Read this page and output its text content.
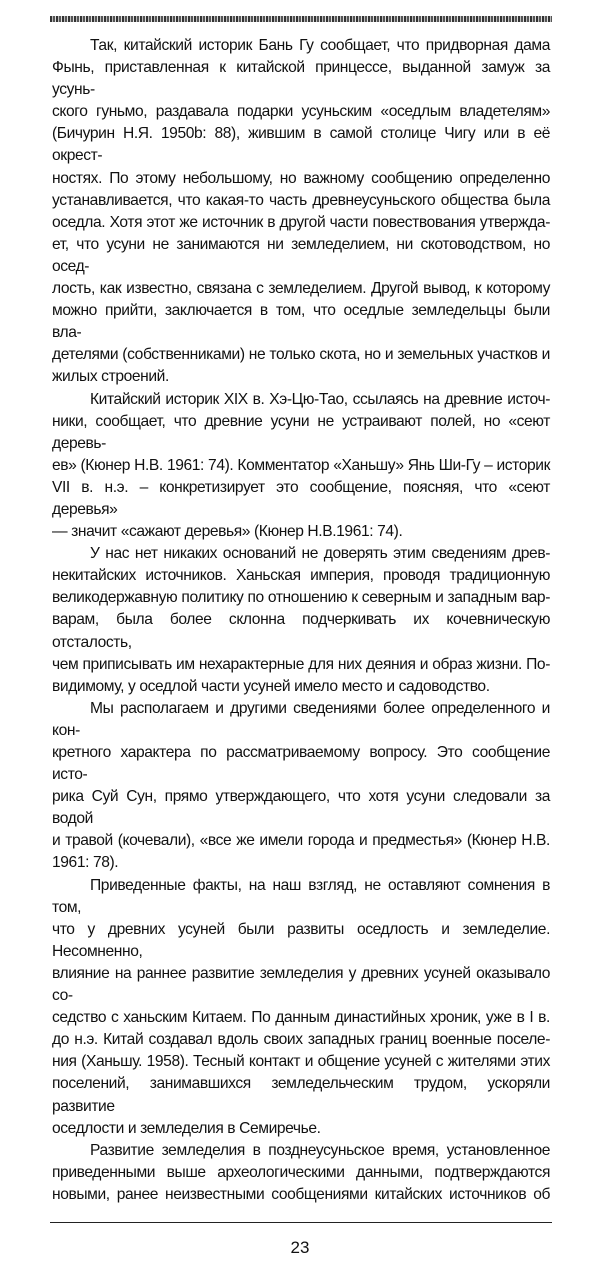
Так, китайский историк Бань Гу сообщает, что придворная дама
Фынь, приставленная к китайской принцессе, выданной замуж за усунь-
ского гуньмо, раздавала подарки усуньским «оседлым владетелям»
(Бичурин Н.Я. 1950b: 88), жившим в самой столице Чигу или в её окрест-
ностях. По этому небольшому, но важному сообщению определенно
устанавливается, что какая-то часть древнеусуньского общества была
оседла. Хотя этот же источник в другой части повествования утвержда-
ет, что усуни не занимаются ни земледелием, ни скотоводством, но осед-
лость, как известно, связана с земледелием. Другой вывод, к которому
можно прийти, заключается в том, что оседлые земледельцы были вла-
детелями (собственниками) не только скота, но и земельных участков и
жилых строений.
Китайский историк XIX в. Хэ-Цю-Тао, ссылаясь на древние источ-
ники, сообщает, что древние усуни не устраивают полей, но «сеют деревь-
ев» (Кюнер Н.В. 1961: 74). Комментатор «Ханьшу» Янь Ши-Гу – историк
VII в. н.э. – конкретизирует это сообщение, поясняя, что «сеют деревья»
— значит «сажают деревья» (Кюнер Н.В.1961: 74).
У нас нет никаких оснований не доверять этим сведениям древ-
некитайских источников. Ханьская империя, проводя традиционную
великодержавную политику по отношению к северным и западным вар-
варам, была более склонна подчеркивать их кочевническую отсталость,
чем приписывать им нехарактерные для них деяния и образ жизни. По-
видимому, у оседлой части усуней имело место и садоводство.
Мы располагаем и другими сведениями более определенного и кон-
кретного характера по рассматриваемому вопросу. Это сообщение исто-
рика Суй Сун, прямо утверждающего, что хотя усуни следовали за водой
и травой (кочевали), «все же имели города и предместья» (Кюнер Н.В.
1961: 78).
Приведенные факты, на наш взгляд, не оставляют сомнения в том,
что у древних усуней были развиты оседлость и земледелие. Несомненно,
влияние на раннее развитие земледелия у древних усуней оказывало со-
седство с ханьским Китаем. По данным династийных хроник, уже в I в.
до н.э. Китай создавал вдоль своих западных границ военные поселе-
ния (Ханьшу. 1958). Тесный контакт и общение усуней с жителями этих
поселений, занимавшихся земледельческим трудом, ускоряли развитие
оседлости и земледелия в Семиречье.
Развитие земледелия в позднеусуньское время, установленное
приведенными выше археологическими данными, подтверждаются
новыми, ранее неизвестными сообщениями китайских источников об
23
